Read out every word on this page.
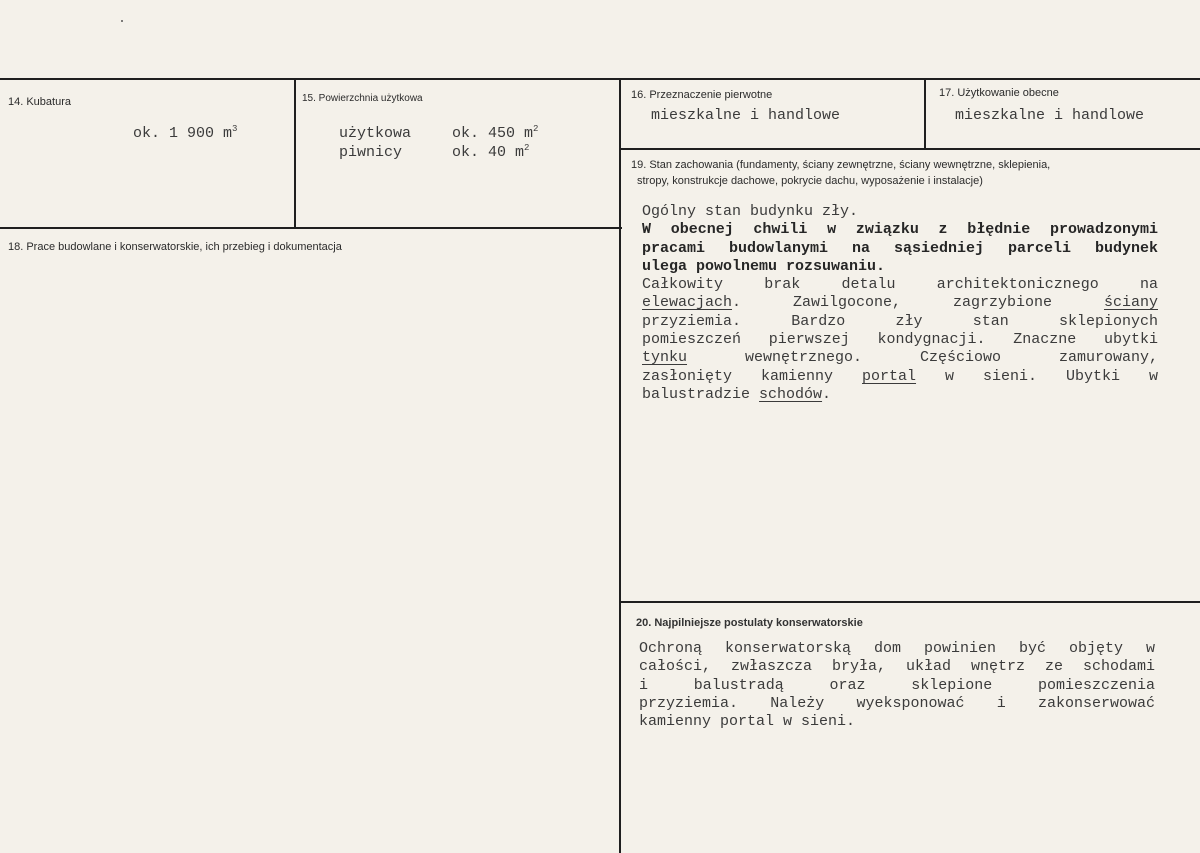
14. Kubatura
ok. 1 900 $m^3$
15. Powierzchnia użytkowa
użytkowa	ok. 450 $m^2$
piwnicy	ok. 40 $m^2$
16. Przeznaczenie pierwotne
mieszkalne i handlowe
17. Użytkowanie obecne
mieszkalne i handlowe
18. Prace budowlane i konserwatorskie, ich przebieg i dokumentacja
19. Stan zachowania (fundamenty, ściany zewnętrzne, ściany wewnętrzne, sklepienia,
stropy, konstrukcje dachowe, pokrycie dachu, wyposażenie i instalacje)
Ogólny stan budynku zły.
W obecnej chwili w związku z błędnie prowadzonymi
pracami budowlanymi na sąsiedniej parceli budynek
ulega powolnemu rozsuwaniu.
Całkowity brak detalu architektonicznego na
elewacjach. Zawilgocone, zagrzybione ściany
przyziemia. Bardzo zły stan sklepionych
pomieszczeń pierwszej kondygnacji. Znaczne ubytki
tynku wewnętrznego. Częściowo zamurowany,
zasłonięty kamienny portal w sieni. Ubytki w
balustradzie schodów.
20. Najpilniejsze postulaty konserwatorskie
Ochroną konserwatorską dom powinien być objęty w
całości, zwłaszcza bryła, układ wnętrz ze schodami
i balustradą oraz sklepione pomieszczenia
przyziemia. Należy wyeksponować i zakonserwować
kamienny portal w sieni.
